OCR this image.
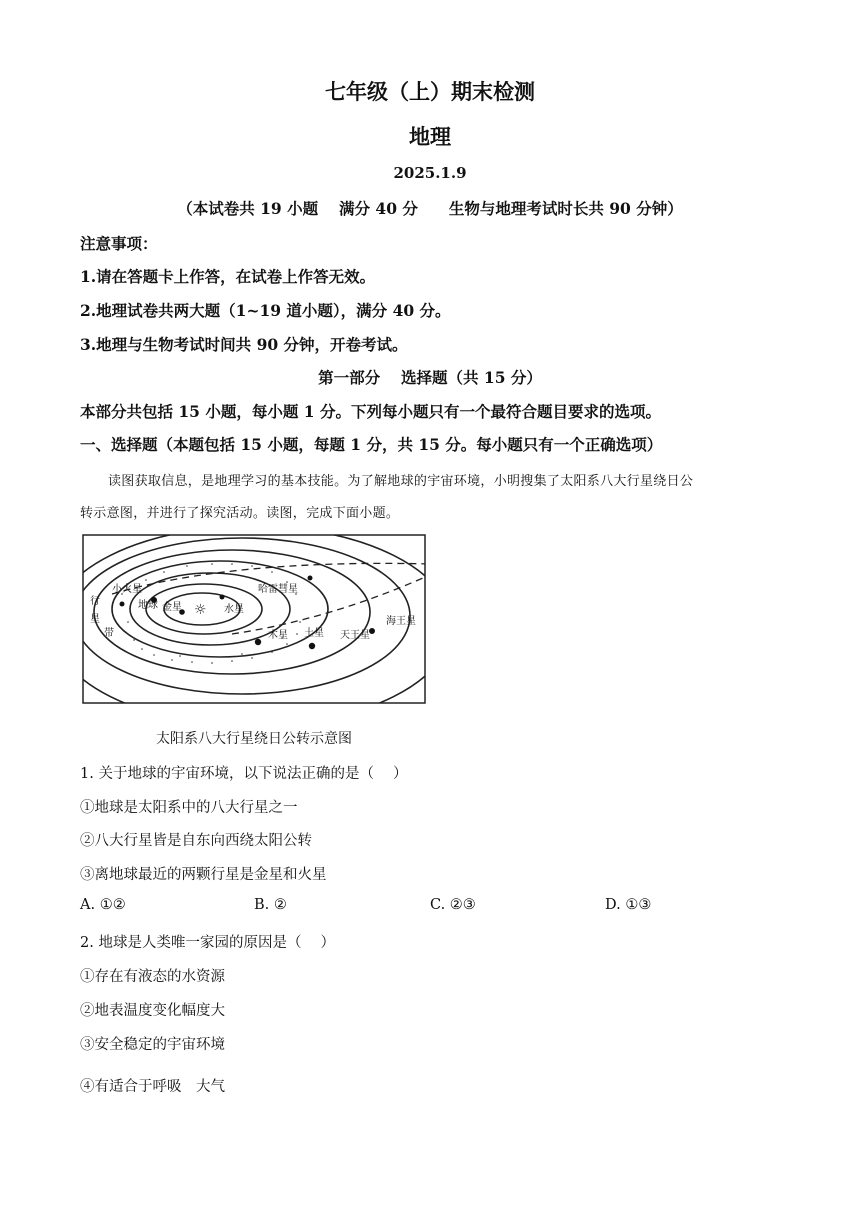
七年级（上）期末检测
地理
2025.1.9
（本试卷共 19 小题　 满分 40 分　　生物与地理考试时长共 90 分钟）
注意事项：
1.请在答题卡上作答，在试卷上作答无效。
2.地理试卷共两大题（1~19 道小题），满分 40 分。
3.地理与生物考试时间共 90 分钟，开卷考试。
第一部分　 选择题（共 15 分）
本部分共包括 15 小题，每小题 1 分。下列每小题只有一个最符合题目要求的选项。
一、选择题（本题包括 15 小题，每题 1 分，共 15 分。每小题只有一个正确选项）
读图获取信息，是地理学习的基本技能。为了解地球的宇宙环境，小明搜集了太阳系八大行星绕日公
转示意图，并进行了探究活动。读图，完成下面小题。
☼ 水星
金星
地球
小火星	哈雷彗星
木星 土星 天王星
海王星
行
星
带
太阳系八大行星绕日公转示意图
1. 关于地球的宇宙环境，以下说法正确的是（　 ）
①地球是太阳系中的八大行星之一
②八大行星皆是自东向西绕太阳公转
③离地球最近的两颗行星是金星和火星
A. ①②	B. ②	C. ②③	D. ①③
2. 地球是人类唯一家园的原因是（　 ）
①存在有液态的水资源
②地表温度变化幅度大
③安全稳定的宇宙环境
④有适合于呼吸　大气
